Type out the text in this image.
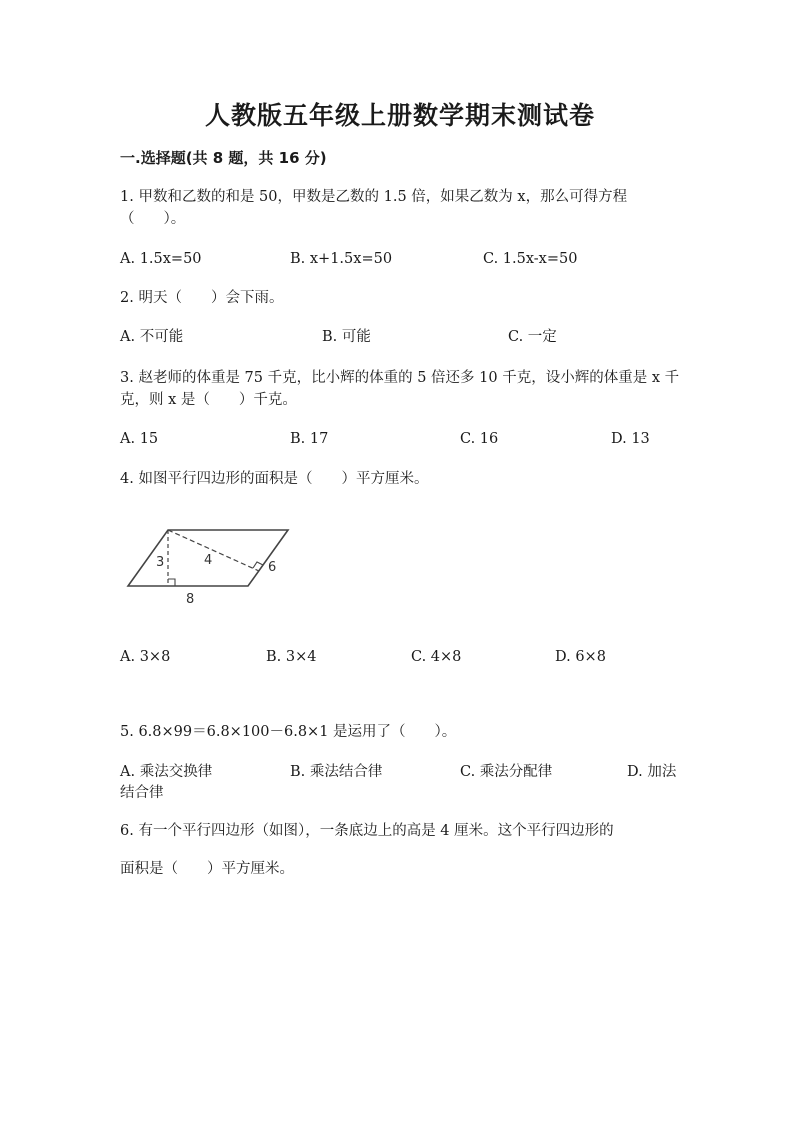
人教版五年级上册数学期末测试卷
一.选择题(共 8 题，共 16 分)
1. 甲数和乙数的和是 50，甲数是乙数的 1.5 倍，如果乙数为 x，那么可得方程（　　）。
A. 1.5x=50	B. x+1.5x=50	C. 1.5x-x=50
2. 明天（　　）会下雨。
A. 不可能	B. 可能	C. 一定
3. 赵老师的体重是 75 千克，比小辉的体重的 5 倍还多 10 千克，设小辉的体重是 x 千克，则 x 是（　　）千克。
A. 15	B. 17	C. 16	D. 13
4. 如图平行四边形的面积是（　　）平方厘米。
3	4	6
8
A. 3×8	B. 3×4	C. 4×8	D. 6×8
5. 6.8×99＝6.8×100－6.8×1 是运用了（　　）。
A. 乘法交换律	B. 乘法结合律	C. 乘法分配律	D. 加法
结合律
6. 有一个平行四边形（如图），一条底边上的高是 4 厘米。这个平行四边形的
面积是（　　）平方厘米。
